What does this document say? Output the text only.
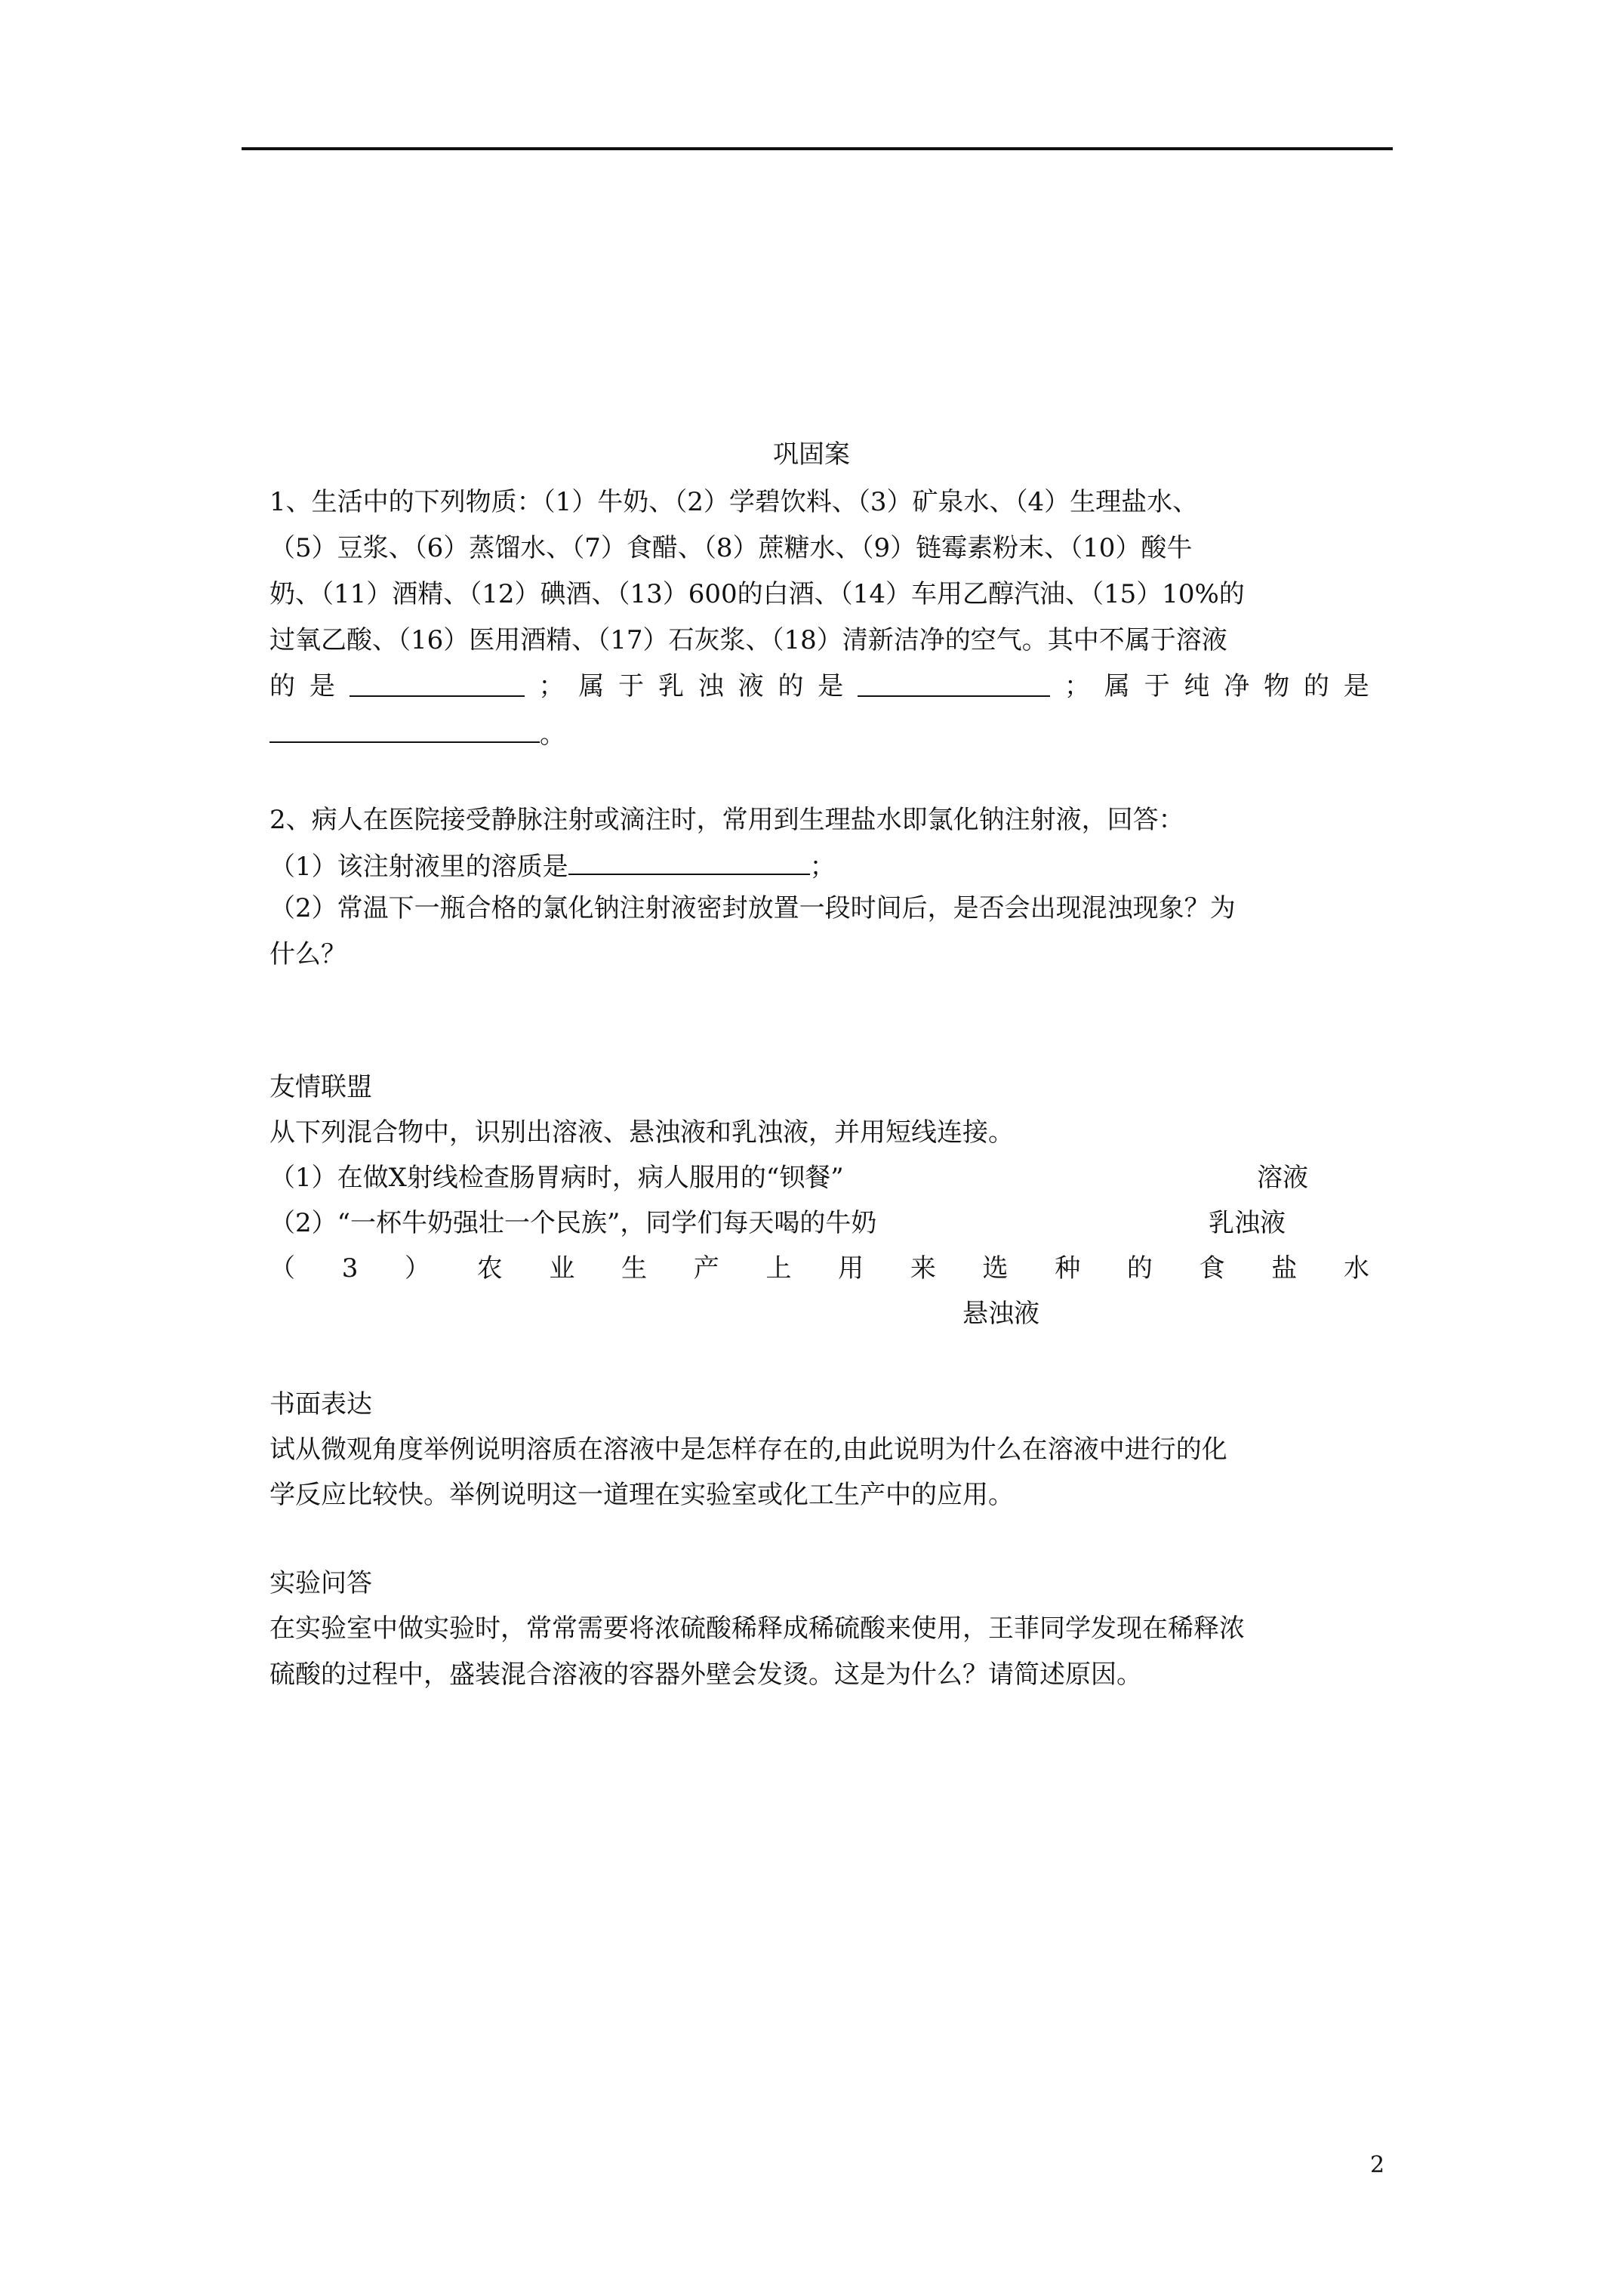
巩固案
1、生活中的下列物质：（1）牛奶、（2）学碧饮料、（3）矿泉水、（4）生理盐水、
（5）豆浆、（6）蒸馏水、（7）食醋、（8）蔗糖水、（9）链霉素粉末、（10）酸牛
奶、（11）酒精、（12）碘酒、（13）600的白酒、（14）车用乙醇汽油、（15）10%的
过氧乙酸、（16）医用酒精、（17）石灰浆、（18）清新洁净的空气。其中不属于溶液
的 是	； 属 于 乳 浊 液 的 是	； 属 于 纯 净 物 的 是
。
2、病人在医院接受静脉注射或滴注时，常用到生理盐水即氯化钠注射液，回答：
（1）该注射液里的溶质是	；
（2）常温下一瓶合格的氯化钠注射液密封放置一段时间后，是否会出现混浊现象？为
什么？
友情联盟
从下列混合物中，识别出溶液、悬浊液和乳浊液，并用短线连接。
（1）在做X射线检查肠胃病时，病人服用的“钡餐”	溶液
（2）“一杯牛奶强壮一个民族”，同学们每天喝的牛奶	乳浊液
（ 3 ） 农 业 生 产 上 用 来 选 种 的 食 盐 水
悬浊液
书面表达
试从微观角度举例说明溶质在溶液中是怎样存在的,由此说明为什么在溶液中进行的化
学反应比较快。举例说明这一道理在实验室或化工生产中的应用。
实验问答
在实验室中做实验时，常常需要将浓硫酸稀释成稀硫酸来使用，王菲同学发现在稀释浓
硫酸的过程中，盛装混合溶液的容器外壁会发烫。这是为什么？请简述原因。
2
